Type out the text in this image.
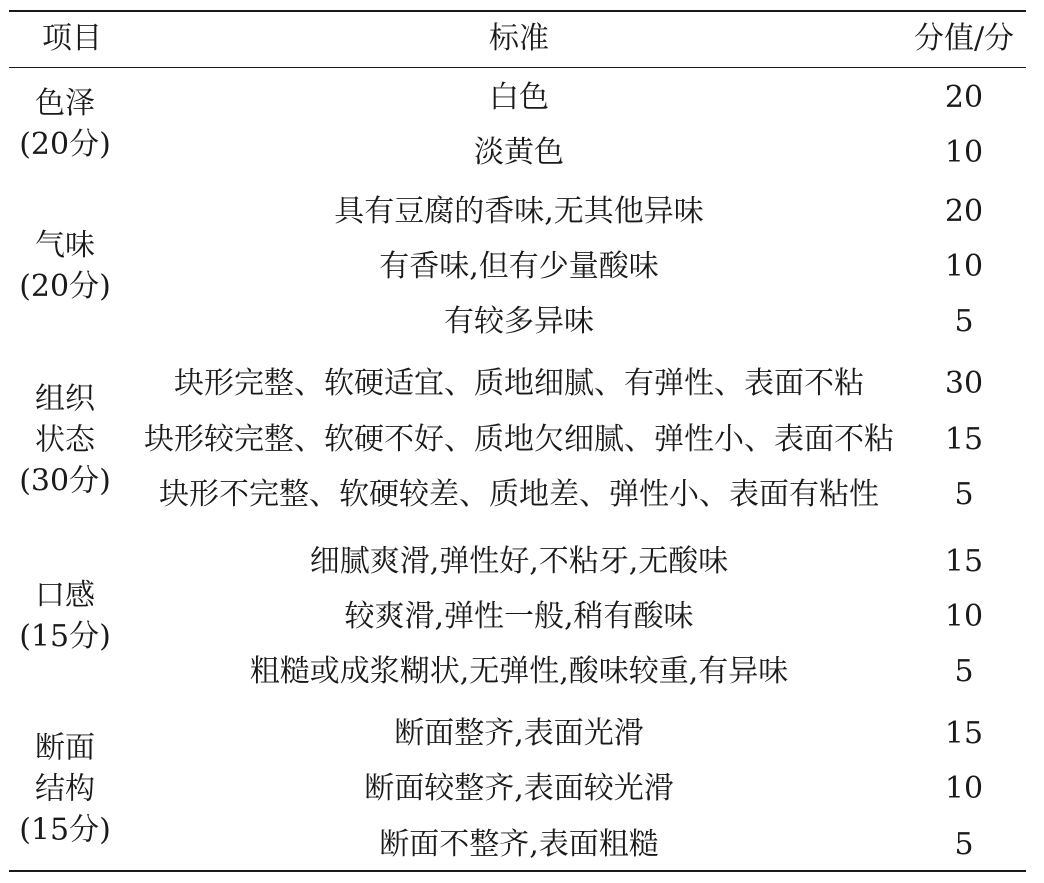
项目	标准	分值/分
色泽
(20分)
白色	20
淡黄色	10
气味
(20分)
具有豆腐的香味,无其他异味	20
有香味,但有少量酸味	10
有较多异味	5
组织
状态
(30分)
块形完整、软硬适宜、质地细腻、有弹性、表面不粘	30
块形较完整、软硬不好、质地欠细腻、弹性小、表面不粘 15
块形不完整、软硬较差、质地差、弹性小、表面有粘性	5
口感
(15分)
细腻爽滑,弹性好,不粘牙,无酸味	15
较爽滑,弹性一般,稍有酸味	10
粗糙或成浆糊状,无弹性,酸味较重,有异味	5
断面
结构
(15分)
断面整齐,表面光滑	15
断面较整齐,表面较光滑	10
断面不整齐,表面粗糙	5
